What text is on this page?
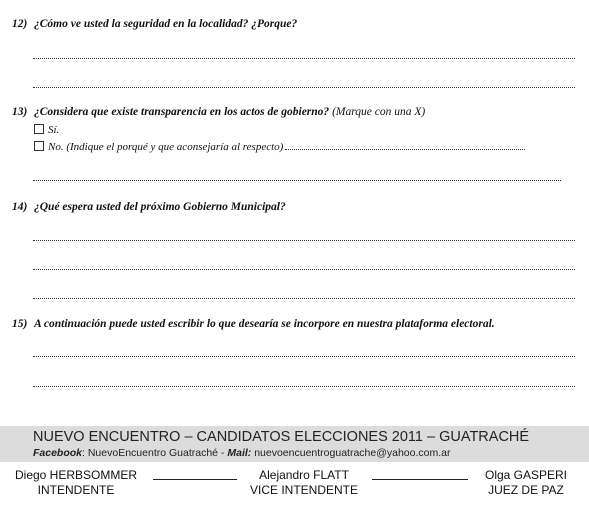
12) ¿Cómo ve usted la seguridad en la localidad? ¿Porque?
13) ¿Considera que existe transparencia en los actos de gobierno? (Marque con una X)
Sí.
No. (Indique el porqué y que aconsejaría al respecto)
14) ¿Qué espera usted del próximo Gobierno Municipal?
15) A continuación puede usted escribir lo que desearía se incorpore en nuestra plataforma electoral.
NUEVO ENCUENTRO – CANDIDATOS ELECCIONES 2011 – GUATRACHÉ
Facebook: NuevoEncuentro Guatraché - Mail: nuevoencuentroguatrache@yahoo.com.ar
Diego HERBSOMMER
INTENDENTE
Alejandro FLATT
VICE INTENDENTE
Olga GASPERI
JUEZ DE PAZ
